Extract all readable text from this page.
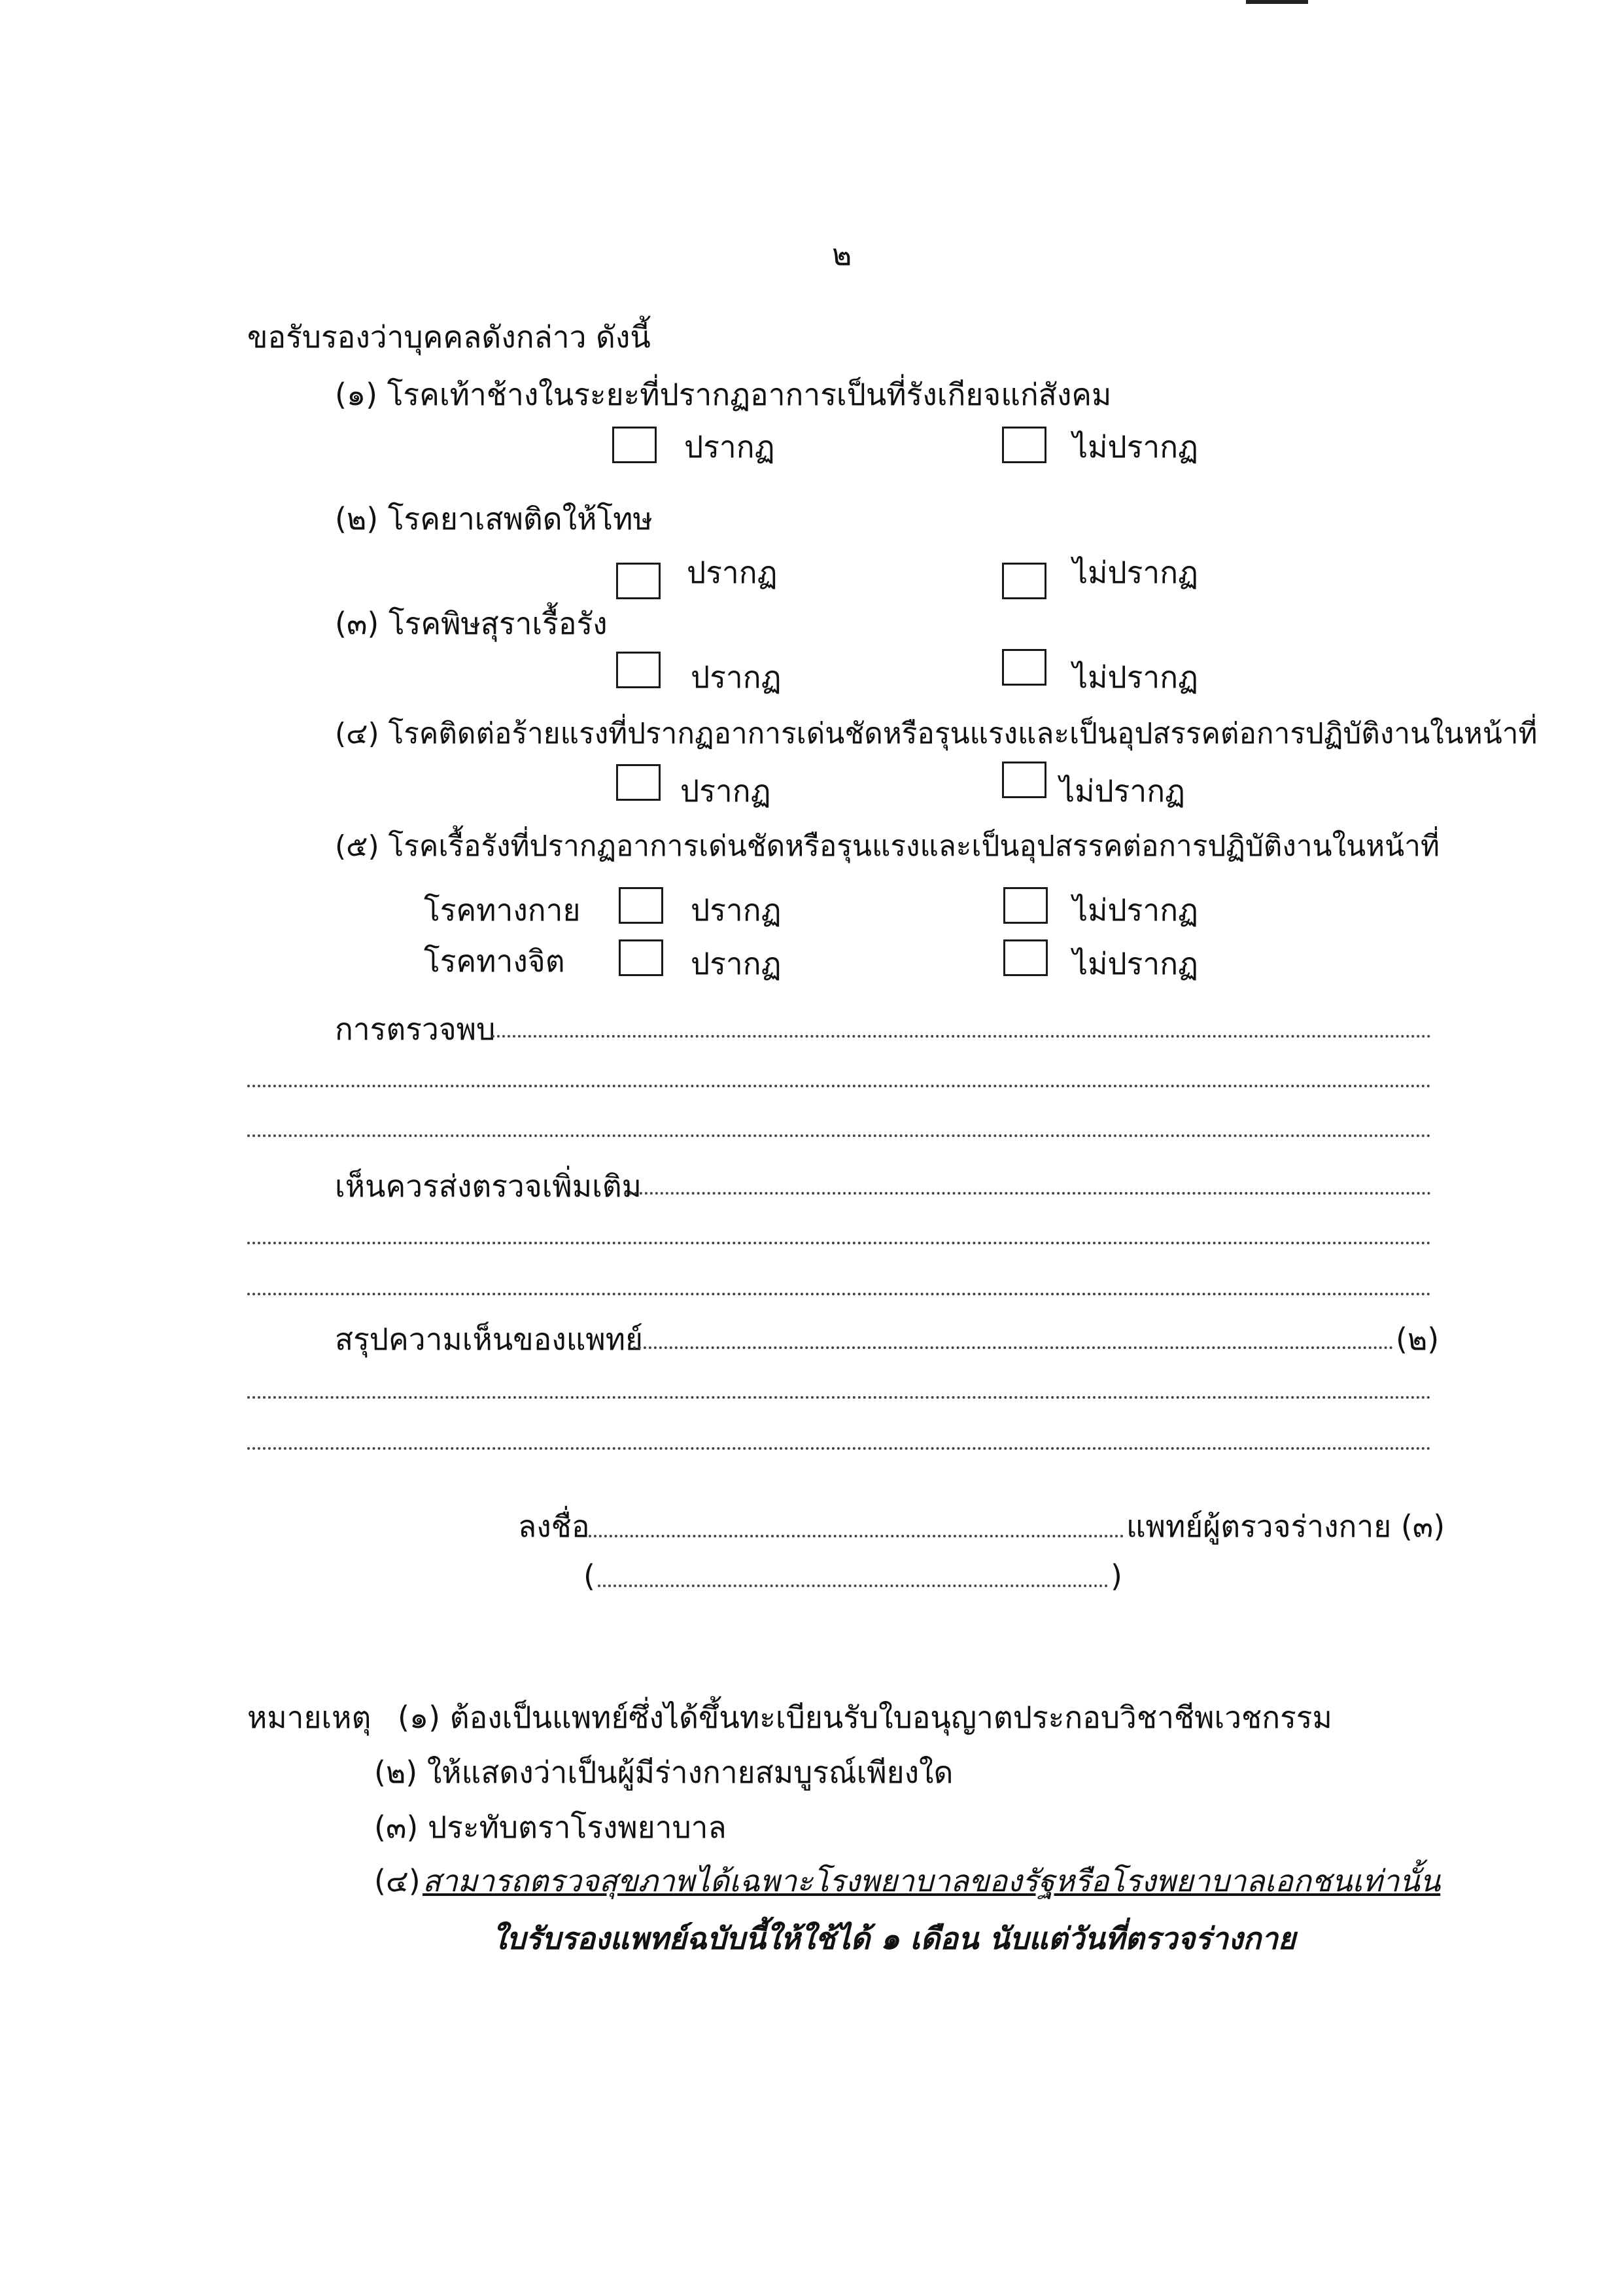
๒
ขอรับรองว่าบุคคลดังกล่าว ดังนี้
(๑) โรคเท้าช้างในระยะที่ปรากฏอาการเป็นที่รังเกียจแก่สังคม
ปรากฏ	ไม่ปรากฏ
(๒) โรคยาเสพติดให้โทษ
ปรากฏ	ไม่ปรากฏ
(๓) โรคพิษสุราเรื้อรัง
ปรากฏ	ไม่ปรากฏ
(๔) โรคติดต่อร้ายแรงที่ปรากฏอาการเด่นชัดหรือรุนแรงและเป็นอุปสรรคต่อการปฏิบัติงานในหน้าที่
ปรากฏ	ไม่ปรากฏ
(๕) โรคเรื้อรังที่ปรากฏอาการเด่นชัดหรือรุนแรงและเป็นอุปสรรคต่อการปฏิบัติงานในหน้าที่
โรคทางกาย	ปรากฏ	ไม่ปรากฏ
โรคทางจิต	ปรากฏ	ไม่ปรากฏ
การตรวจพบ
เห็นควรส่งตรวจเพิ่มเติม
สรุปความเห็นของแพทย์	(๒)
ลงชื่อ	แพทย์ผู้ตรวจร่างกาย (๓)
(	)
หมายเหตุ (๑) ต้องเป็นแพทย์ซึ่งได้ขึ้นทะเบียนรับใบอนุญาตประกอบวิชาชีพเวชกรรม
(๒) ให้แสดงว่าเป็นผู้มีร่างกายสมบูรณ์เพียงใด
(๓) ประทับตราโรงพยาบาล
(๔) สามารถตรวจสุขภาพได้เฉพาะโรงพยาบาลของรัฐหรือโรงพยาบาลเอกชนเท่านั้น
ใบรับรองแพทย์ฉบับนี้ให้ใช้ได้ ๑ เดือน นับแต่วันที่ตรวจร่างกาย
